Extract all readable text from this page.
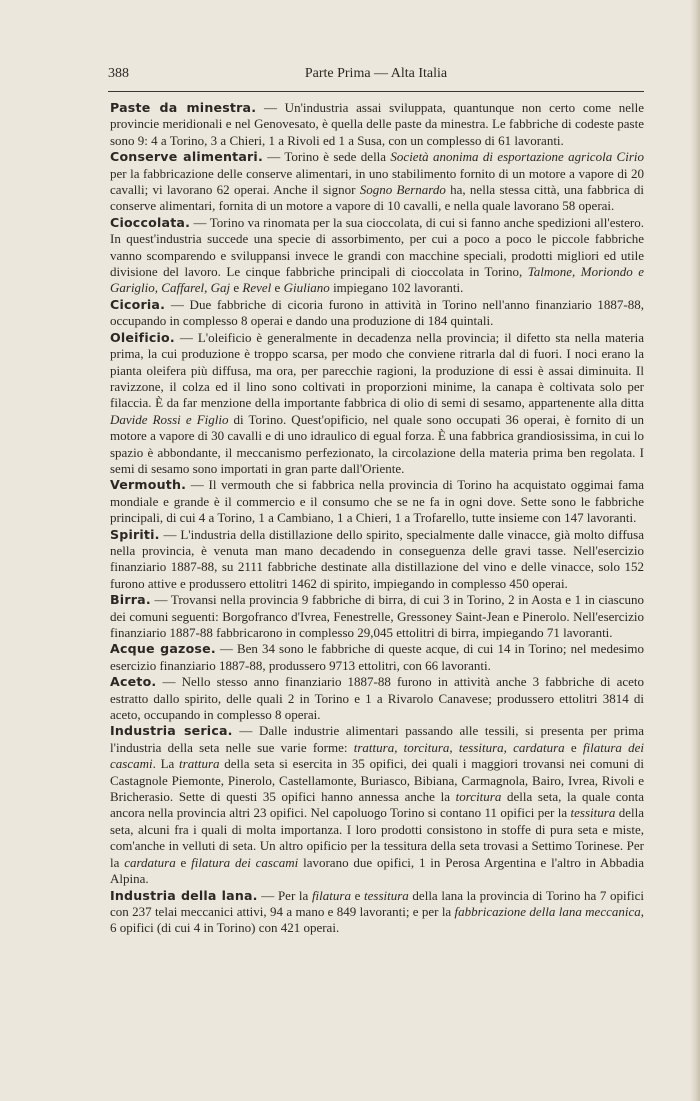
388	Parte Prima — Alta Italia

Paste da minestra. — Un'industria assai sviluppata, quantunque non certo come nelle provincie meridionali e nel Genovesato, è quella delle paste da minestra. Le fabbriche di codeste paste sono 9: 4 a Torino, 3 a Chieri, 1 a Rivoli ed 1 a Susa, con un complesso di 61 lavoranti.

Conserve alimentari. — Torino è sede della Società anonima di esportazione agricola Cirio per la fabbricazione delle conserve alimentari, in uno stabilimento fornito di un motore a vapore di 20 cavalli; vi lavorano 62 operai. Anche il signor Sogno Bernardo ha, nella stessa città, una fabbrica di conserve alimentari, fornita di un motore a vapore di 10 cavalli, e nella quale lavorano 58 operai.

Cioccolata. — Torino va rinomata per la sua cioccolata, di cui si fanno anche spedizioni all'estero. In quest'industria succede una specie di assorbimento, per cui a poco a poco le piccole fabbriche vanno scomparendo e sviluppansi invece le grandi con macchine speciali, prodotti migliori ed utile divisione del lavoro. Le cinque fabbriche principali di cioccolata in Torino, Talmone, Moriondo e Gariglio, Caffarel, Gaj e Revel e Giuliano impiegano 102 lavoranti.

Cicoria. — Due fabbriche di cicoria furono in attività in Torino nell'anno finanziario 1887-88, occupando in complesso 8 operai e dando una produzione di 184 quintali.

Oleificio. — L'oleificio è generalmente in decadenza nella provincia; il difetto sta nella materia prima, la cui produzione è troppo scarsa, per modo che conviene ritrarla dal di fuori. I noci erano la pianta oleifera più diffusa, ma ora, per parecchie ragioni, la produzione di essi è assai diminuita. Il ravizzone, il colza ed il lino sono coltivati in proporzioni minime, la canapa è coltivata solo per filaccia. È da far menzione della importante fabbrica di olio di semi di sesamo, appartenente alla ditta Davide Rossi e Figlio di Torino. Quest'opificio, nel quale sono occupati 36 operai, è fornito di un motore a vapore di 30 cavalli e di uno idraulico di egual forza. È una fabbrica grandiosissima, in cui lo spazio è abbondante, il meccanismo perfezionato, la circolazione della materia prima ben regolata. I semi di sesamo sono importati in gran parte dall'Oriente.

Vermouth. — Il vermouth che si fabbrica nella provincia di Torino ha acquistato oggimai fama mondiale e grande è il commercio e il consumo che se ne fa in ogni dove. Sette sono le fabbriche principali, di cui 4 a Torino, 1 a Cambiano, 1 a Chieri, 1 a Trofarello, tutte insieme con 147 lavoranti.

Spiriti. — L'industria della distillazione dello spirito, specialmente dalle vinacce, già molto diffusa nella provincia, è venuta man mano decadendo in conseguenza delle gravi tasse. Nell'esercizio finanziario 1887-88, su 2111 fabbriche destinate alla distillazione del vino e delle vinacce, solo 152 furono attive e produssero ettolitri 1462 di spirito, impiegando in complesso 450 operai.

Birra. — Trovansi nella provincia 9 fabbriche di birra, di cui 3 in Torino, 2 in Aosta e 1 in ciascuno dei comuni seguenti: Borgofranco d'Ivrea, Fenestrelle, Gressoney Saint-Jean e Pinerolo. Nell'esercizio finanziario 1887-88 fabbricarono in complesso 29,045 ettolitri di birra, impiegando 71 lavoranti.

Acque gazose. — Ben 34 sono le fabbriche di queste acque, di cui 14 in Torino; nel medesimo esercizio finanziario 1887-88, produssero 9713 ettolitri, con 66 lavoranti.

Aceto. — Nello stesso anno finanziario 1887-88 furono in attività anche 3 fabbriche di aceto estratto dallo spirito, delle quali 2 in Torino e 1 a Rivarolo Canavese; produssero ettolitri 3814 di aceto, occupando in complesso 8 operai.

Industria serica. — Dalle industrie alimentari passando alle tessili, si presenta per prima l'industria della seta nelle sue varie forme: trattura, torcitura, tessitura, cardatura e filatura dei cascami. La trattura della seta si esercita in 35 opifici, dei quali i maggiori trovansi nei comuni di Castagnole Piemonte, Pinerolo, Castellamonte, Buriasco, Bibiana, Carmagnola, Bairo, Ivrea, Rivoli e Bricherasio. Sette di questi 35 opifici hanno annessa anche la torcitura della seta, la quale conta ancora nella provincia altri 23 opifici. Nel capoluogo Torino si contano 11 opifici per la tessitura della seta, alcuni fra i quali di molta importanza. I loro prodotti consistono in stoffe di pura seta e miste, com'anche in velluti di seta. Un altro opificio per la tessitura della seta trovasi a Settimo Torinese. Per la cardatura e filatura dei cascami lavorano due opifici, 1 in Perosa Argentina e l'altro in Abbadia Alpina.

Industria della lana. — Per la filatura e tessitura della lana la provincia di Torino ha 7 opifici con 237 telai meccanici attivi, 94 a mano e 849 lavoranti; e per la fabbricazione della lana meccanica, 6 opifici (di cui 4 in Torino) con 421 operai.
